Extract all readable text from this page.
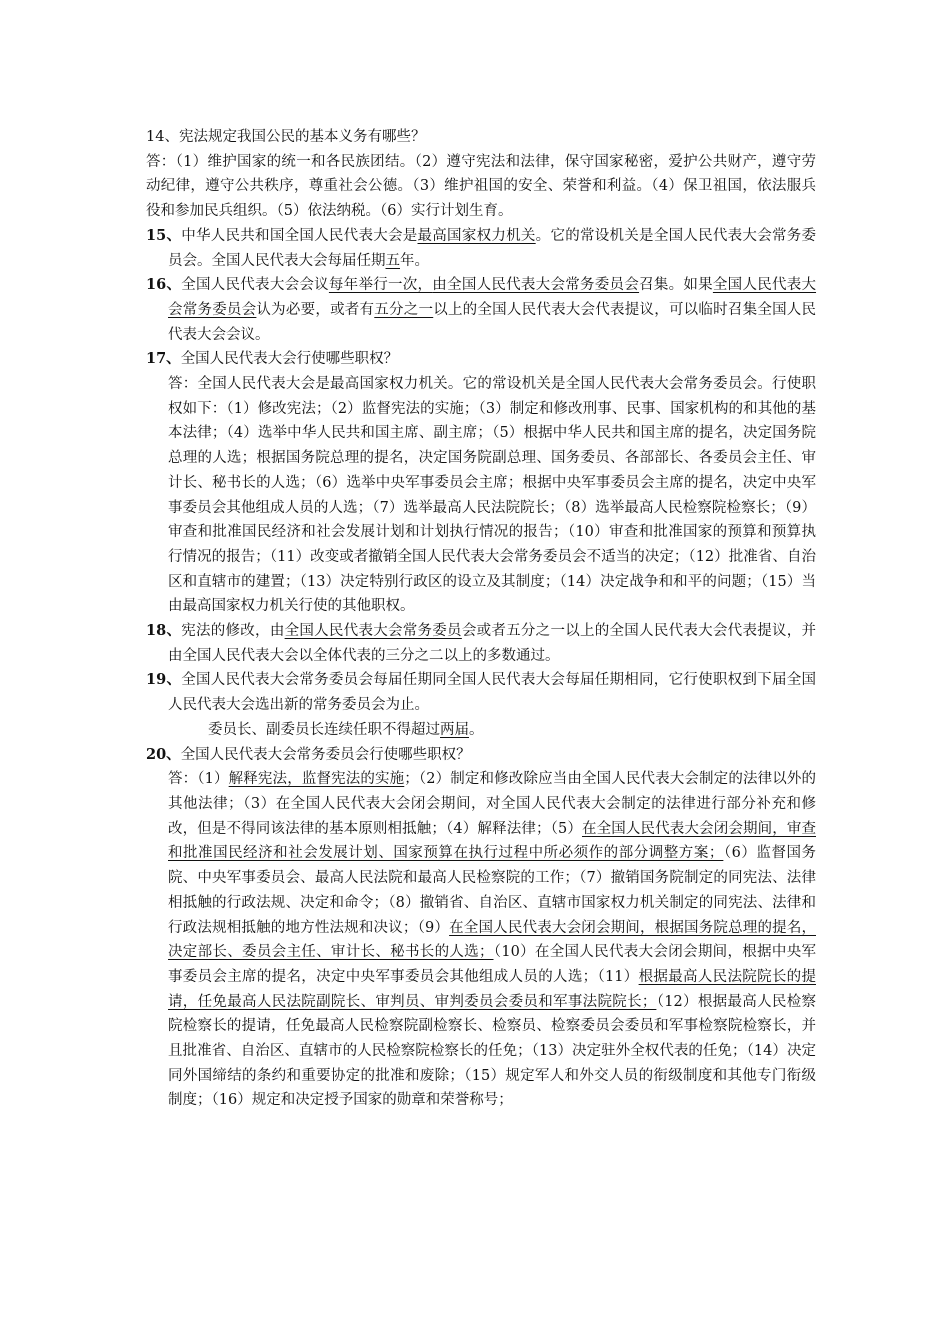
14、宪法规定我国公民的基本义务有哪些？
答：（1）维护国家的统一和各民族团结。（2）遵守宪法和法律，保守国家秘密，爱护公共财产，遵守劳动纪律，遵守公共秩序，尊重社会公德。（3）维护祖国的安全、荣誉和利益。（4）保卫祖国，依法服兵役和参加民兵组织。（5）依法纳税。（6）实行计划生育。
15、中华人民共和国全国人民代表大会是最高国家权力机关。它的常设机关是全国人民代表大会常务委员会。全国人民代表大会每届任期五年。
16、全国人民代表大会会议每年举行一次，由全国人民代表大会常务委员会召集。如果全国人民代表大会常务委员会认为必要，或者有五分之一以上的全国人民代表大会代表提议，可以临时召集全国人民代表大会会议。
17、全国人民代表大会行使哪些职权？
答：全国人民代表大会是最高国家权力机关。它的常设机关是全国人民代表大会常务委员会。行使职权如下：（1）修改宪法；（2）监督宪法的实施；（3）制定和修改刑事、民事、国家机构的和其他的基本法律；（4）选举中华人民共和国主席、副主席；（5）根据中华人民共和国主席的提名，决定国务院总理的人选；根据国务院总理的提名，决定国务院副总理、国务委员、各部部长、各委员会主任、审计长、秘书长的人选；（6）选举中央军事委员会主席；根据中央军事委员会主席的提名，决定中央军事委员会其他组成人员的人选；（7）选举最高人民法院院长；（8）选举最高人民检察院检察长；（9）审查和批准国民经济和社会发展计划和计划执行情况的报告；（10）审查和批准国家的预算和预算执行情况的报告；（11）改变或者撤销全国人民代表大会常务委员会不适当的决定；（12）批准省、自治区和直辖市的建置；（13）决定特别行政区的设立及其制度；（14）决定战争和和平的问题；（15）当由最高国家权力机关行使的其他职权。
18、宪法的修改，由全国人民代表大会常务委员会或者五分之一以上的全国人民代表大会代表提议，并由全国人民代表大会以全体代表的三分之二以上的多数通过。
19、全国人民代表大会常务委员会每届任期同全国人民代表大会每届任期相同，它行使职权到下届全国人民代表大会选出新的常务委员会为止。
委员长、副委员长连续任职不得超过两届。
20、全国人民代表大会常务委员会行使哪些职权？
答：（1）解释宪法，监督宪法的实施；（2）制定和修改除应当由全国人民代表大会制定的法律以外的其他法律；（3）在全国人民代表大会闭会期间，对全国人民代表大会制定的法律进行部分补充和修改，但是不得同该法律的基本原则相抵触；（4）解释法律；（5）在全国人民代表大会闭会期间，审查和批准国民经济和社会发展计划、国家预算在执行过程中所必须作的部分调整方案；（6）监督国务院、中央军事委员会、最高人民法院和最高人民检察院的工作；（7）撤销国务院制定的同宪法、法律相抵触的行政法规、决定和命令；（8）撤销省、自治区、直辖市国家权力机关制定的同宪法、法律和行政法规相抵触的地方性法规和决议；（9）在全国人民代表大会闭会期间，根据国务院总理的提名，决定部长、委员会主任、审计长、秘书长的人选；（10）在全国人民代表大会闭会期间，根据中央军事委员会主席的提名，决定中央军事委员会其他组成人员的人选；（11）根据最高人民法院院长的提请，任免最高人民法院副院长、审判员、审判委员会委员和军事法院院长；（12）根据最高人民检察院检察长的提请，任免最高人民检察院副检察长、检察员、检察委员会委员和军事检察院检察长，并且批准省、自治区、直辖市的人民检察院检察长的任免；（13）决定驻外全权代表的任免；（14）决定同外国缔结的条约和重要协定的批准和废除；（15）规定军人和外交人员的衔级制度和其他专门衔级制度；（16）规定和决定授予国家的勋章和荣誉称号；
